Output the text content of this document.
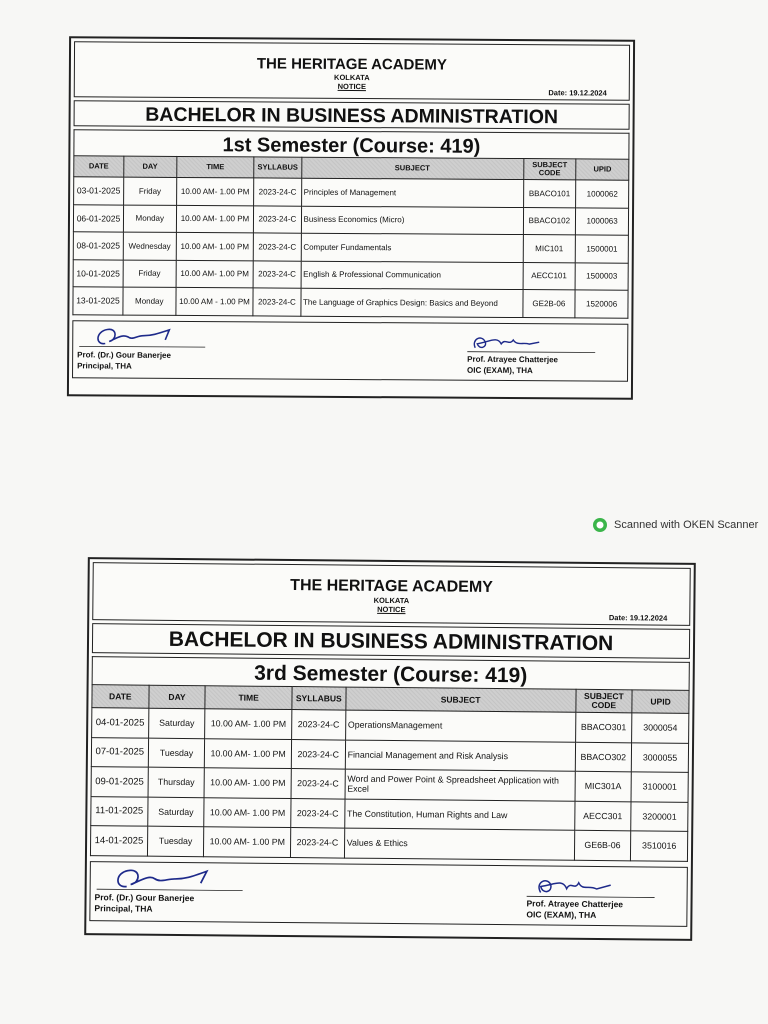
THE HERITAGE ACADEMY
KOLKATA
NOTICE
Date: 19.12.2024
BACHELOR IN BUSINESS ADMINISTRATION
1st Semester (Course: 419)
DATE	DAY	TIME	SYLLABUS	SUBJECT	SUBJECT CODE	UPID
03-01-2025	Friday	10.00 AM- 1.00 PM	2023-24-C	Principles of Management	BBACO101	1000062
06-01-2025	Monday	10.00 AM- 1.00 PM	2023-24-C	Business Economics (Micro)	BBACO102	1000063
08-01-2025	Wednesday	10.00 AM- 1.00 PM	2023-24-C	Computer Fundamentals	MIC101	1500001
10-01-2025	Friday	10.00 AM- 1.00 PM	2023-24-C	English & Professional Communication	AECC101	1500003
13-01-2025	Monday	10.00 AM - 1.00 PM	2023-24-C	The Language of Graphics Design: Basics and Beyond	GE2B-06	1520006
Prof. (Dr.) Gour Banerjee
Principal, THA
Prof. Atrayee Chatterjee
OIC (EXAM), THA
Scanned with OKEN Scanner
THE HERITAGE ACADEMY
KOLKATA
NOTICE
Date: 19.12.2024
BACHELOR IN BUSINESS ADMINISTRATION
3rd Semester (Course: 419)
DATE	DAY	TIME	SYLLABUS	SUBJECT	SUBJECT CODE	UPID
04-01-2025	Saturday	10.00 AM- 1.00 PM	2023-24-C	OperationsManagement	BBACO301	3000054
07-01-2025	Tuesday	10.00 AM- 1.00 PM	2023-24-C	Financial Management and Risk Analysis	BBACO302	3000055
09-01-2025	Thursday	10.00 AM- 1.00 PM	2023-24-C	Word and Power Point & Spreadsheet Application with Excel	MIC301A	3100001
11-01-2025	Saturday	10.00 AM- 1.00 PM	2023-24-C	The Constitution, Human Rights and Law	AECC301	3200001
14-01-2025	Tuesday	10.00 AM- 1.00 PM	2023-24-C	Values & Ethics	GE6B-06	3510016
Prof. (Dr.) Gour Banerjee
Principal, THA	Prof. Atrayee Chatterjee
OIC (EXAM), THA
